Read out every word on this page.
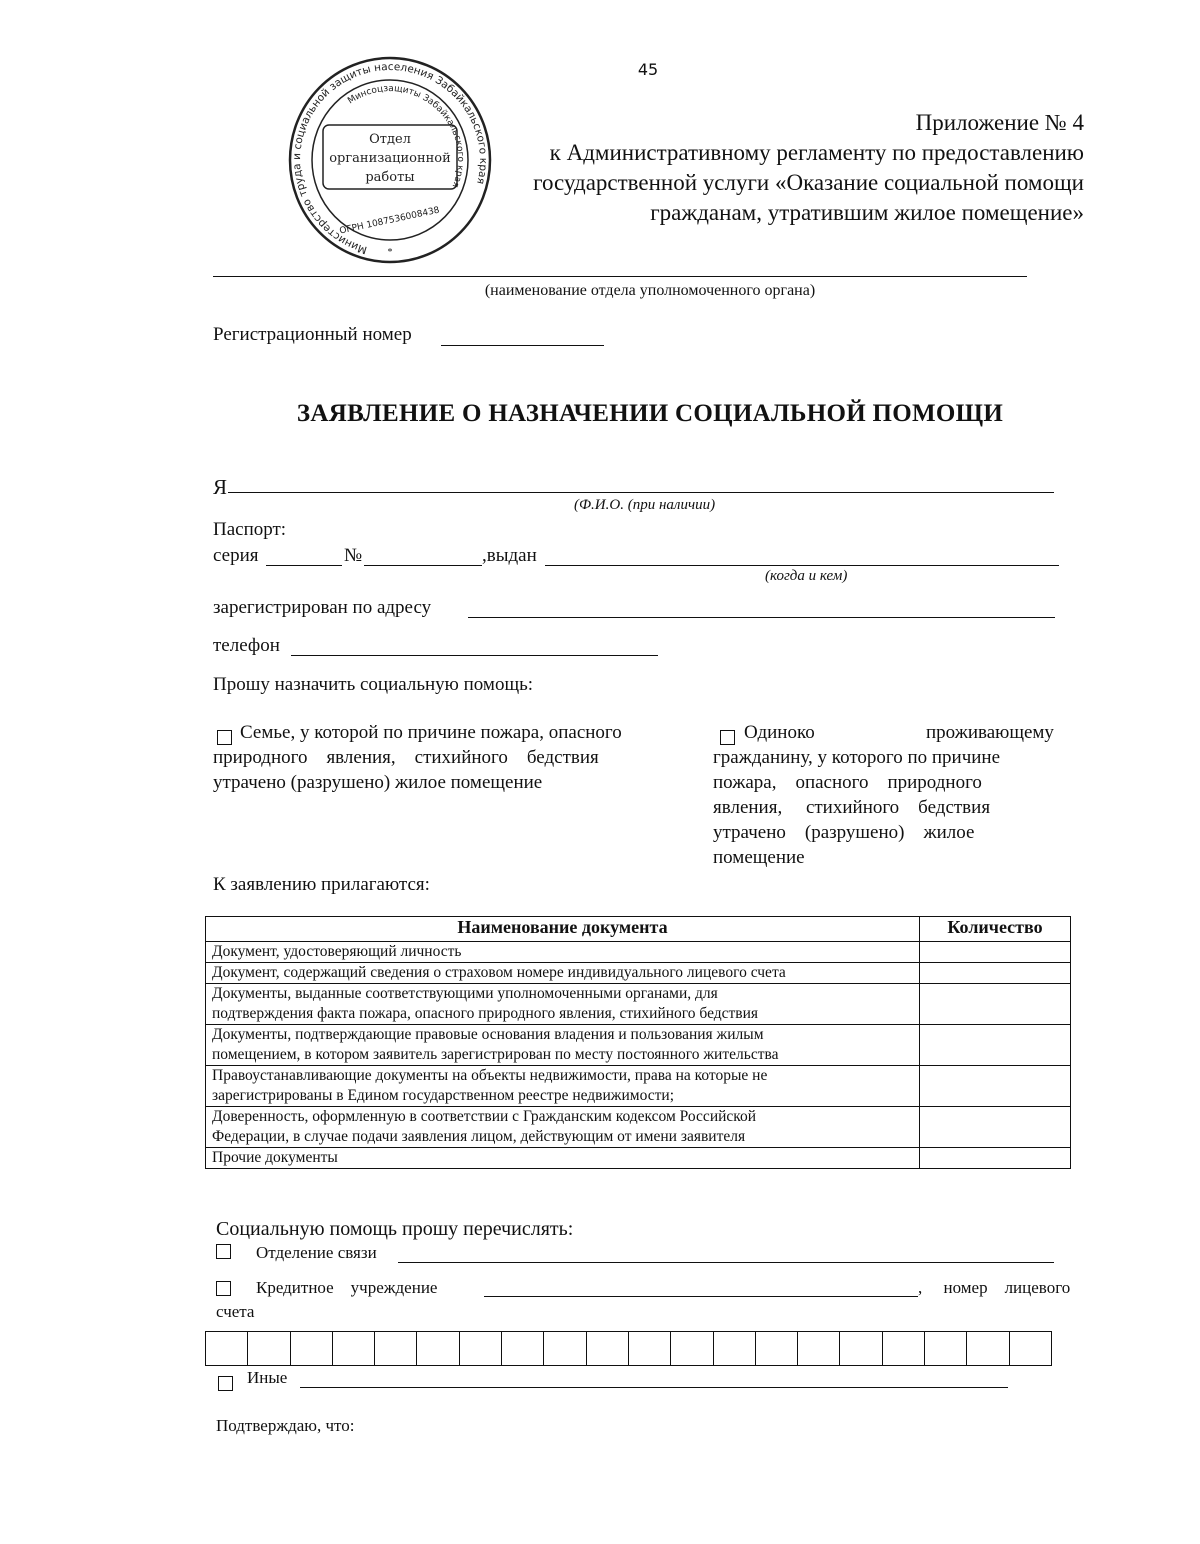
45
Министерство труда и социальной защиты населения Забайкальского края
Минсоцзащиты Забайкальского края
Отдел
организационной
работы
ОГРН 1087536008438
*
Приложение № 4
к Административному регламенту по предоставлению
государственной услуги «Оказание социальной помощи
гражданам, утратившим жилое помещение»
(наименование отдела уполномоченного органа)
Регистрационный номер
ЗАЯВЛЕНИЕ О НАЗНАЧЕНИИ СОЦИАЛЬНОЙ ПОМОЩИ
Я
(Ф.И.О. (при наличии)
Паспорт:
серия	№	,выдан
(когда и кем)
зарегистрирован по адресу
телефон
Прошу назначить социальную помощь:
Семье, у которой по причине пожара, опасного
природного    явления,    стихийного    бедствия
утрачено (разрушено) жилое помещение
Одиноко	проживающему
гражданину, у которого по причине
пожара,    опасного    природного
явления,     стихийного    бедствия
утрачено    (разрушено)    жилое
помещение
К заявлению прилагаются:
Наименование документа	Количество

Документ, удостоверяющий личность	

Документ, содержащий сведения о страховом номере индивидуального лицевого счета	

Документы, выданные соответствующими уполномоченными органами, для
подтверждения факта пожара, опасного природного явления, стихийного бедствия	

Документы, подтверждающие правовые основания владения и пользования жилым
помещением, в котором заявитель зарегистрирован по месту постоянного жительства	

Правоустанавливающие документы на объекты недвижимости, права на которые не
зарегистрированы в Едином государственном реестре недвижимости;	

Доверенность, оформленную в соответствии с Гражданским кодексом Российской
Федерации, в случае подачи заявления лицом, действующим от имени заявителя	

Прочие документы	

Социальную помощь прошу перечислять:
Отделение связи
Кредитное    учреждение	,     номер    лицевого
счета

Иные
Подтверждаю, что:
